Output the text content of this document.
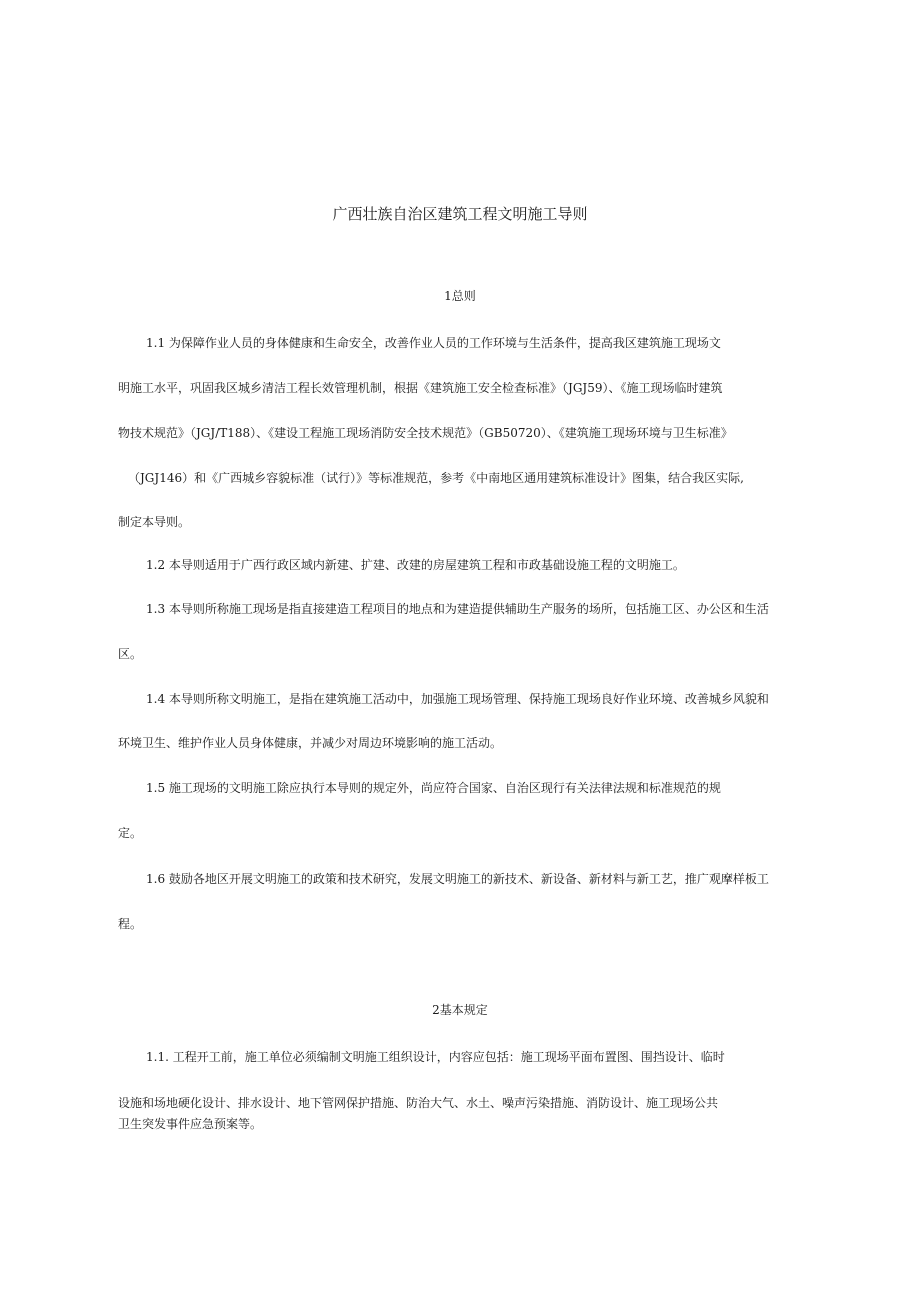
广西壮族自治区建筑工程文明施工导则
1总则
1.1 为保障作业人员的身体健康和生命安全，改善作业人员的工作环境与生活条件，提高我区建筑施工现场文
明施工水平，巩固我区城乡清洁工程长效管理机制，根据《建筑施工安全检查标准》（JGJ59）、《施工现场临时建筑
物技术规范》（JGJ/T188）、《建设工程施工现场消防安全技术规范》（GB50720）、《建筑施工现场环境与卫生标准》
（JGJ146）和《广西城乡容貌标准（试行）》等标准规范，参考《中南地区通用建筑标准设计》图集，结合我区实际,
制定本导则。
1.2 本导则适用于广西行政区域内新建、扩建、改建的房屋建筑工程和市政基础设施工程的文明施工。
1.3 本导则所称施工现场是指直接建造工程项目的地点和为建造提供辅助生产服务的场所，包括施工区、办公区和生活
区。
1.4 本导则所称文明施工，是指在建筑施工活动中，加强施工现场管理、保持施工现场良好作业环境、改善城乡风貌和
环境卫生、维护作业人员身体健康，并减少对周边环境影响的施工活动。
1.5 施工现场的文明施工除应执行本导则的规定外，尚应符合国家、自治区现行有关法律法规和标准规范的规
定。
1.6 鼓励各地区开展文明施工的政策和技术研究，发展文明施工的新技术、新设备、新材料与新工艺，推广观摩样板工
程。
2基本规定
1.1. 工程开工前，施工单位必须编制文明施工组织设计，内容应包括：施工现场平面布置图、围挡设计、临时
设施和场地硬化设计、排水设计、地下管网保护措施、防治大气、水土、噪声污染措施、消防设计、施工现场公共
卫生突发事件应急预案等。
